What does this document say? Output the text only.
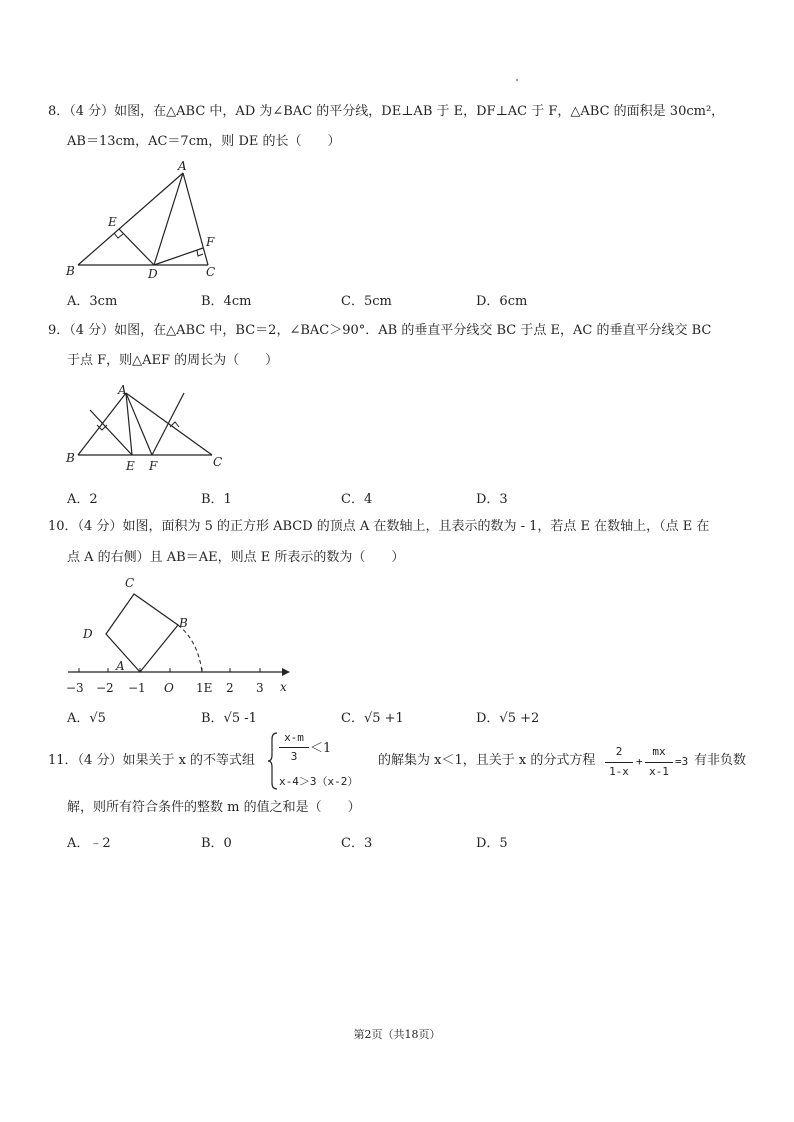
8．（4 分）如图，在△ABC 中，AD 为∠BAC 的平分线，DE⊥AB 于 E，DF⊥AC 于 F，△ABC 的面积是 30cm²，
AB＝13cm，AC＝7cm，则 DE 的长（　　）
A
B	C
D
E
F
A．3cm	B．4cm	C．5cm	D．6cm
9．（4 分）如图，在△ABC 中，BC＝2，∠BAC＞90°．AB 的垂直平分线交 BC 于点 E，AC 的垂直平分线交 BC
于点 F，则△AEF 的周长为（　　）
A
B	C
E F
A．2	B．1	C．4	D．3
10．（4 分）如图，面积为 5 的正方形 ABCD 的顶点 A 在数轴上，且表示的数为 - 1，若点 E 在数轴上，（点 E 在
点 A 的右侧）且 AB＝AE，则点 E 所表示的数为（　　）
C
D
B
A
x
−3 −2 −1 O 1E 2 3
A．√5	B．√5 -1	C．√5 +1	D．√5 +2
11．（4 分）如果关于 x 的不等式组
x-m
3
＜1
x-4＞3（x-2）
的解集为 x＜1，且关于 x 的分式方程
2
1-x
+
mx
x-1
=3 有非负数
解，则所有符合条件的整数 m 的值之和是（　　）
A．﹣2	B．0	C．3	D．5
第2页（共18页）
